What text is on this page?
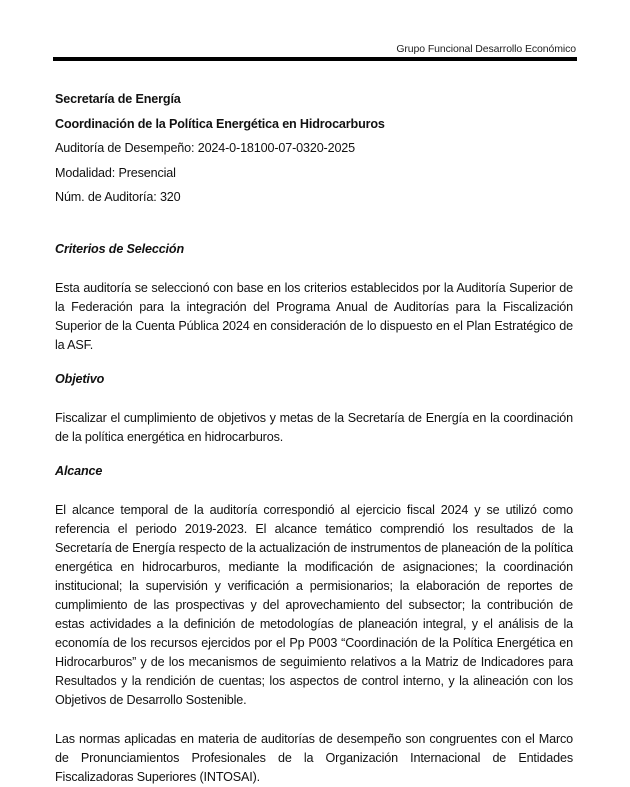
Grupo Funcional Desarrollo Económico
Secretaría de Energía
Coordinación de la Política Energética en Hidrocarburos
Auditoría de Desempeño: 2024-0-18100-07-0320-2025
Modalidad: Presencial
Núm. de Auditoría: 320
Criterios de Selección

Esta auditoría se seleccionó con base en los criterios establecidos por la Auditoría Superior de la Federación para la integración del Programa Anual de Auditorías para la Fiscalización Superior de la Cuenta Pública 2024 en consideración de lo dispuesto en el Plan Estratégico de la ASF.

Objetivo

Fiscalizar el cumplimiento de objetivos y metas de la Secretaría de Energía en la coordinación de la política energética en hidrocarburos.

Alcance

El alcance temporal de la auditoría correspondió al ejercicio fiscal 2024 y se utilizó como referencia el periodo 2019-2023. El alcance temático comprendió los resultados de la Secretaría de Energía respecto de la actualización de instrumentos de planeación de la política energética en hidrocarburos, mediante la modificación de asignaciones; la coordinación institucional; la supervisión y verificación a permisionarios; la elaboración de reportes de cumplimiento de las prospectivas y del aprovechamiento del subsector; la contribución de estas actividades a la definición de metodologías de planeación integral, y el análisis de la economía de los recursos ejercidos por el Pp P003 “Coordinación de la Política Energética en Hidrocarburos” y de los mecanismos de seguimiento relativos a la Matriz de Indicadores para Resultados y la rendición de cuentas; los aspectos de control interno, y la alineación con los Objetivos de Desarrollo Sostenible.

Las normas aplicadas en materia de auditorías de desempeño son congruentes con el Marco de Pronunciamientos Profesionales de la Organización Internacional de Entidades Fiscalizadoras Superiores (INTOSAI).
